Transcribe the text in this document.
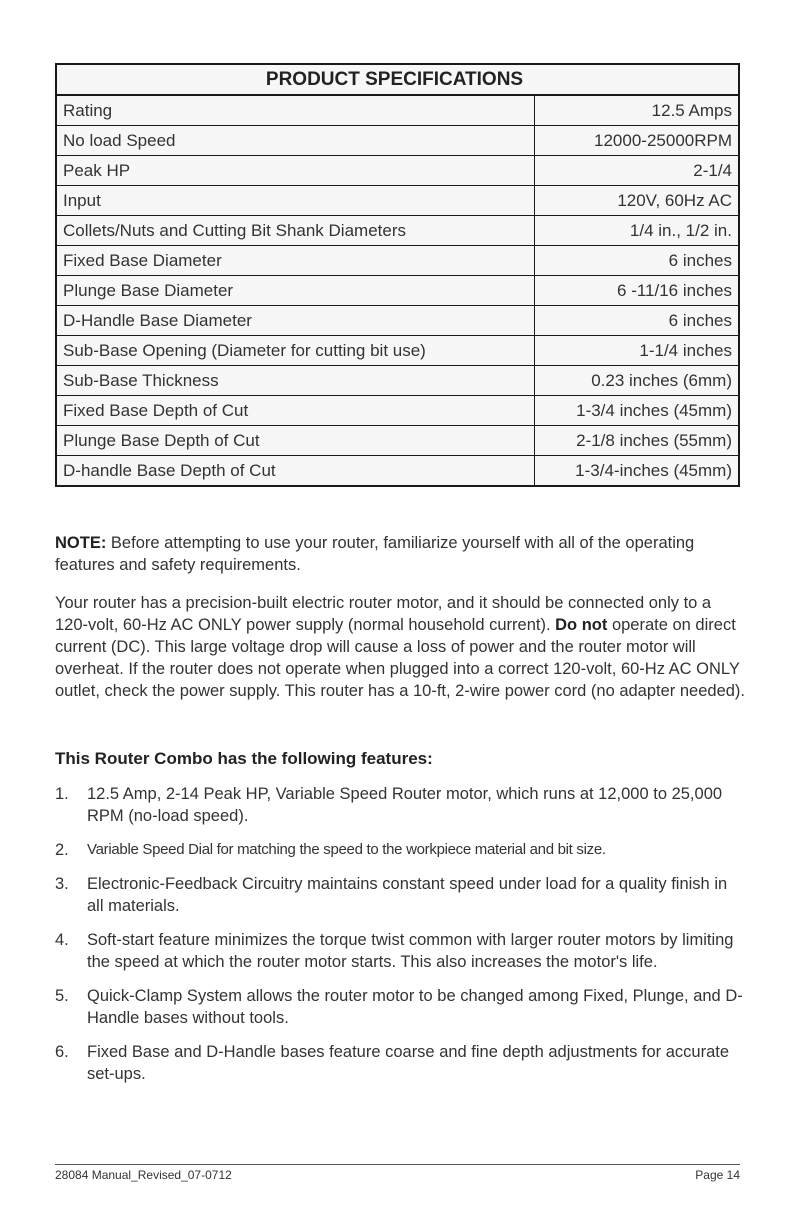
PRODUCT SPECIFICATIONS	
Rating	12.5 Amps
No load Speed	12000-25000RPM
Peak HP	2-1/4
Input	120V, 60Hz AC
Collets/Nuts and Cutting Bit Shank Diameters	1/4 in., 1/2 in.
Fixed Base Diameter	6 inches
Plunge Base Diameter	6 -11/16 inches
D-Handle Base Diameter	6 inches
Sub-Base Opening (Diameter for cutting bit use)	1-1/4 inches
Sub-Base Thickness	0.23 inches (6mm)
Fixed Base Depth of Cut	1-3/4 inches (45mm)
Plunge Base Depth of Cut	2-1/8 inches (55mm)
D-handle Base Depth of Cut	1-3/4-inches (45mm)

NOTE: Before attempting to use your router, familiarize yourself with all of the operating features and safety requirements.

Your router has a precision-built electric router motor, and it should be connected only to a 120-volt, 60-Hz AC ONLY power supply (normal household current). Do not operate on direct current (DC). This large voltage drop will cause a loss of power and the router motor will overheat. If the router does not operate when plugged into a correct 120-volt, 60-Hz AC ONLY outlet, check the power supply. This router has a 10-ft, 2-wire power cord (no adapter needed).

This Router Combo has the following features:
1.	12.5 Amp, 2-14 Peak HP, Variable Speed Router motor, which runs at 12,000 to 25,000 RPM (no-load speed).
2.	Variable Speed Dial for matching the speed to the workpiece material and bit size.
3.	Electronic-Feedback Circuitry maintains constant speed under load for a quality finish in all materials.
4.	Soft-start feature minimizes the torque twist common with larger router motors by limiting the speed at which the router motor starts. This also increases the motor's life.
5.	Quick-Clamp System allows the router motor to be changed among Fixed, Plunge, and D-Handle bases without tools.
6.	Fixed Base and D-Handle bases feature coarse and fine depth adjustments for accurate set-ups.
28084 Manual_Revised_07-0712	Page 14
